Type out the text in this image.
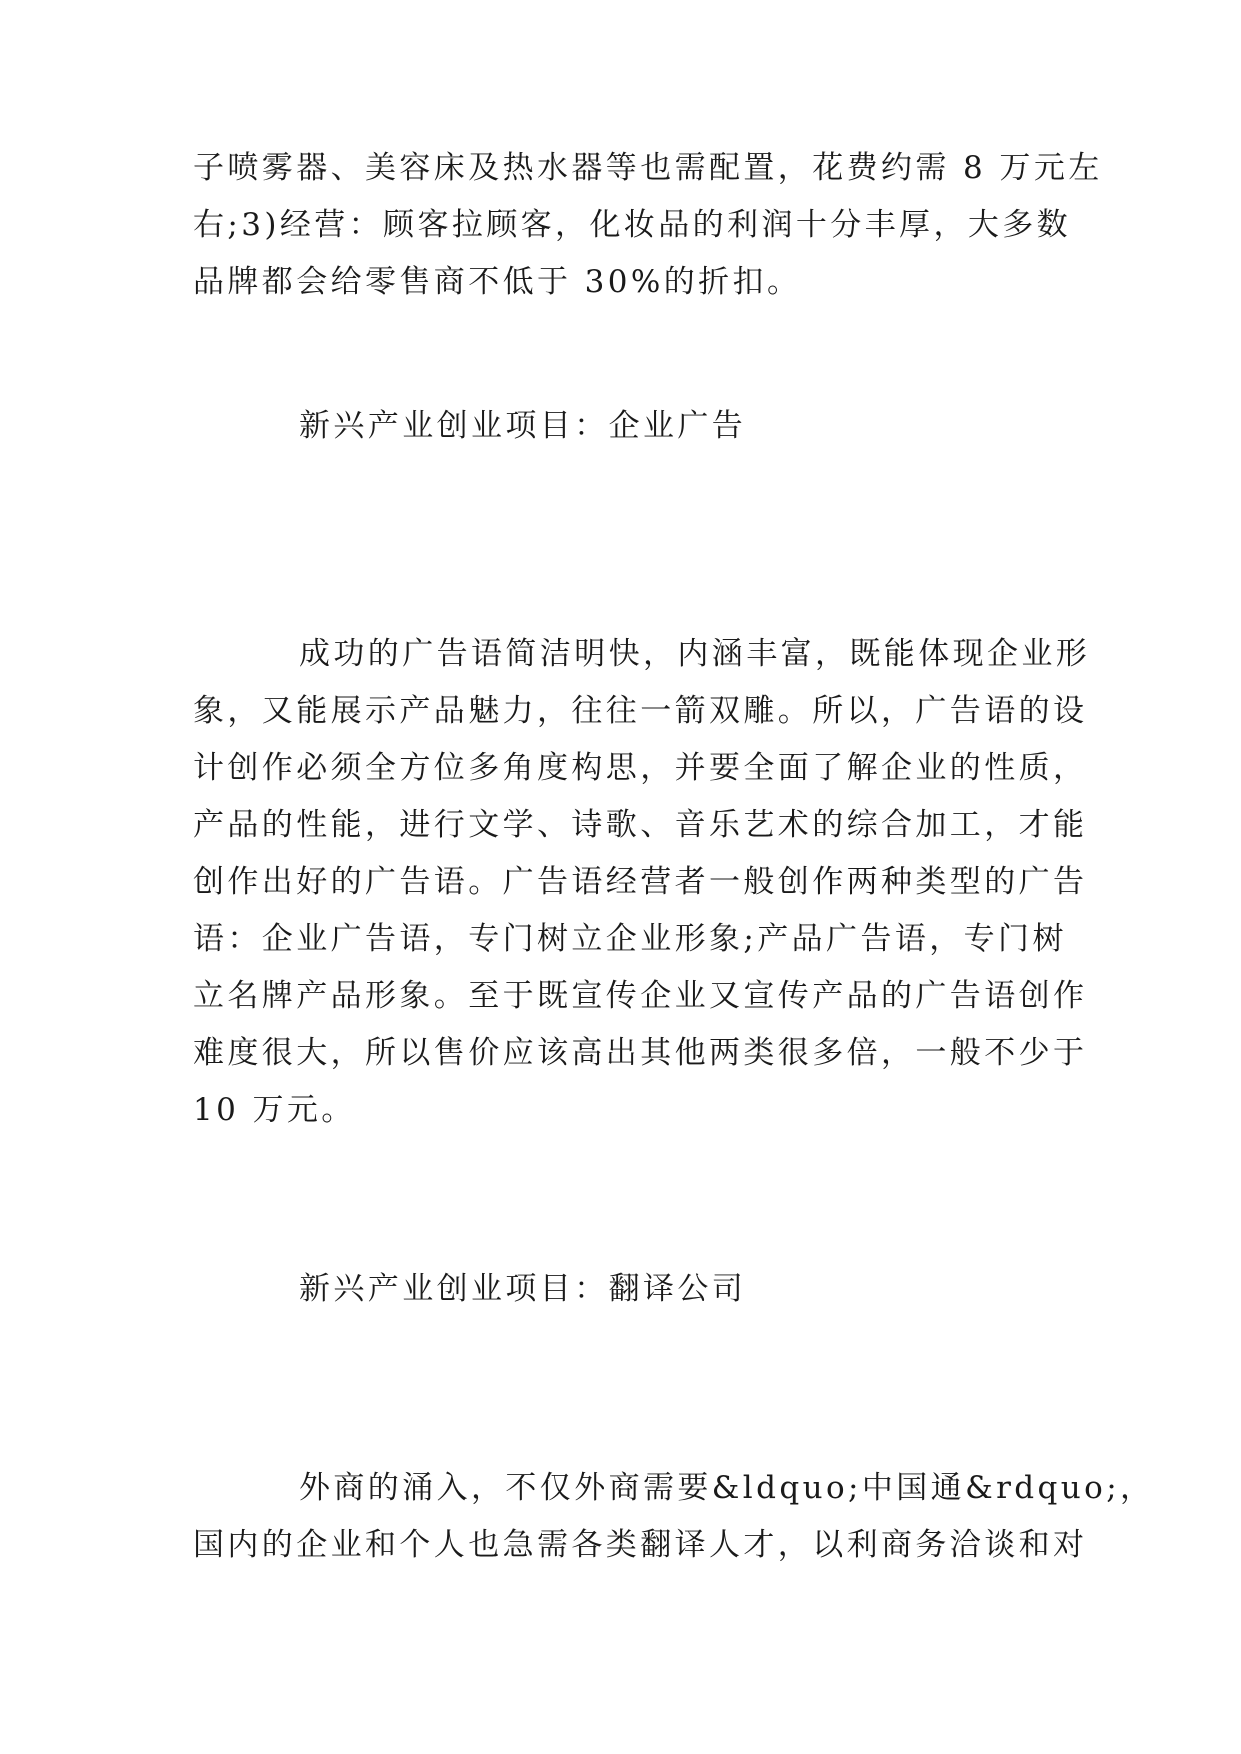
子喷雾器、美容床及热水器等也需配置，花费约需 8 万元左
右;3)经营：顾客拉顾客，化妆品的利润十分丰厚，大多数
品牌都会给零售商不低于 30%的折扣。
新兴产业创业项目：企业广告
成功的广告语简洁明快，内涵丰富，既能体现企业形
象，又能展示产品魅力，往往一箭双雕。所以，广告语的设
计创作必须全方位多角度构思，并要全面了解企业的性质，
产品的性能，进行文学、诗歌、音乐艺术的综合加工，才能
创作出好的广告语。广告语经营者一般创作两种类型的广告
语：企业广告语，专门树立企业形象;产品广告语，专门树
立名牌产品形象。至于既宣传企业又宣传产品的广告语创作
难度很大，所以售价应该高出其他两类很多倍，一般不少于
10 万元。
新兴产业创业项目：翻译公司
外商的涌入，不仅外商需要&ldquo;中国通&rdquo;，
国内的企业和个人也急需各类翻译人才，以利商务洽谈和对
